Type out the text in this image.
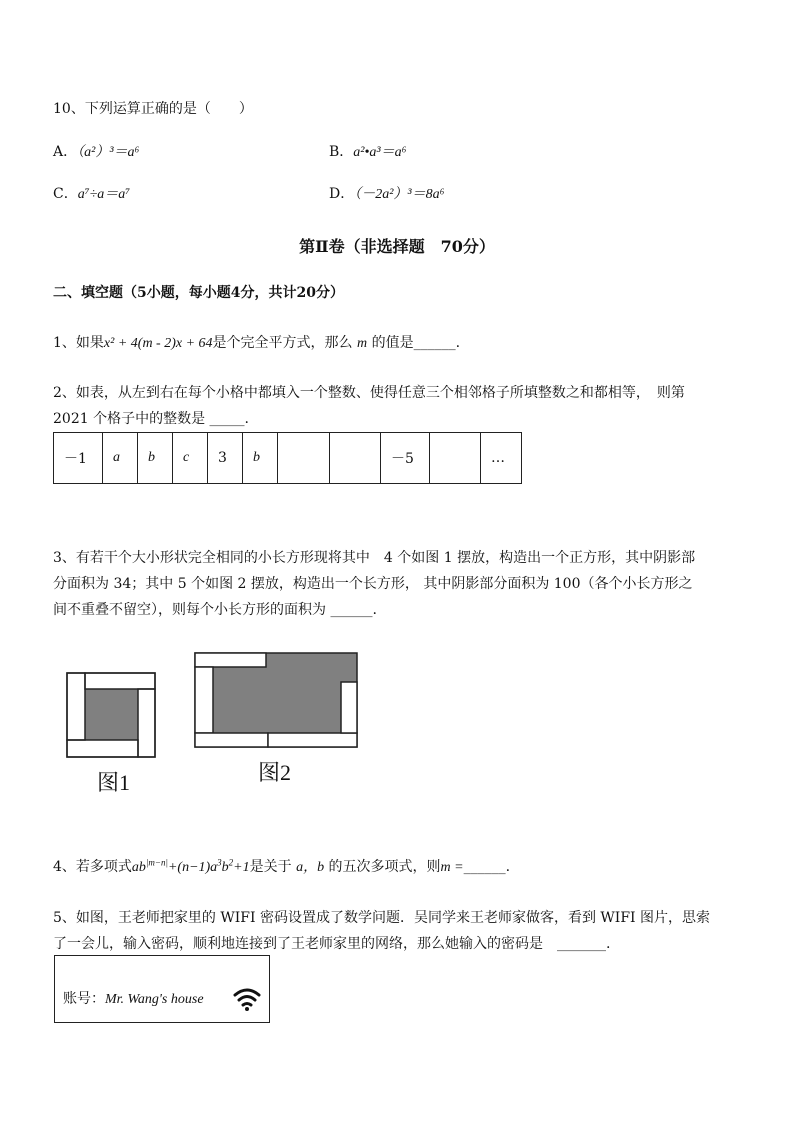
10、下列运算正确的是（　　）
A．（a²）³＝a⁶	B．a²•a³＝a⁶
C．a⁷÷a＝a⁷	D．（－2a²）³＝8a⁶
第Ⅱ卷（非选择题　70分）
二、填空题（5小题，每小题4分，共计20分）
1、如果x² + 4(m - 2)x + 64是个完全平方式，那么 m 的值是______.
2、如表，从左到右在每个小格中都填入一个整数、使得任意三个相邻格子所填整数之和都相等，　则第
2021 个格子中的整数是 _____.
－1	a	b	c	3	b			－5		…
3、有若干个大小形状完全相同的小长方形现将其中　4 个如图 1 摆放，构造出一个正方形，其中阴影部
分面积为 34；其中 5 个如图 2 摆放，构造出一个长方形， 其中阴影部分面积为 100（各个小长方形之
间不重叠不留空），则每个小长方形的面积为 ______.
图1	图2
4、若多项式$ab^{|m-n|}+(n-1)a^3b^2+1$是关于 a，b 的五次多项式，则m =______.
5、如图，王老师把家里的 WIFI 密码设置成了数学问题．吴同学来王老师家做客，看到 WIFI 图片，思索
了一会儿，输入密码，顺利地连接到了王老师家里的网络，那么她输入的密码是　_______.
账号：Mr. Wang's house
